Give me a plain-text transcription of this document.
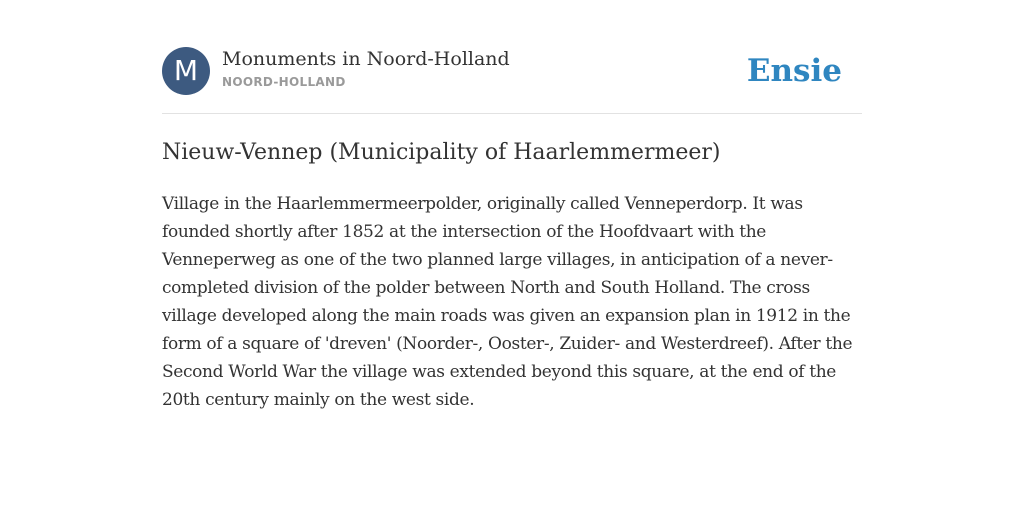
M	Monuments in Noord-Holland
NOORD-HOLLAND	Ensie
Nieuw-Vennep (Municipality of Haarlemmermeer)

Village in the Haarlemmermeerpolder, originally called Venneperdorp. It was founded shortly after 1852 at the intersection of the Hoofdvaart with the Venneperweg as one of the two planned large villages, in anticipation of a never-completed division of the polder between North and South Holland. The cross village developed along the main roads was given an expansion plan in 1912 in the form of a square of 'dreven' (Noorder-, Ooster-, Zuider- and Westerdreef). After the Second World War the village was extended beyond this square, at the end of the 20th century mainly on the west side.
